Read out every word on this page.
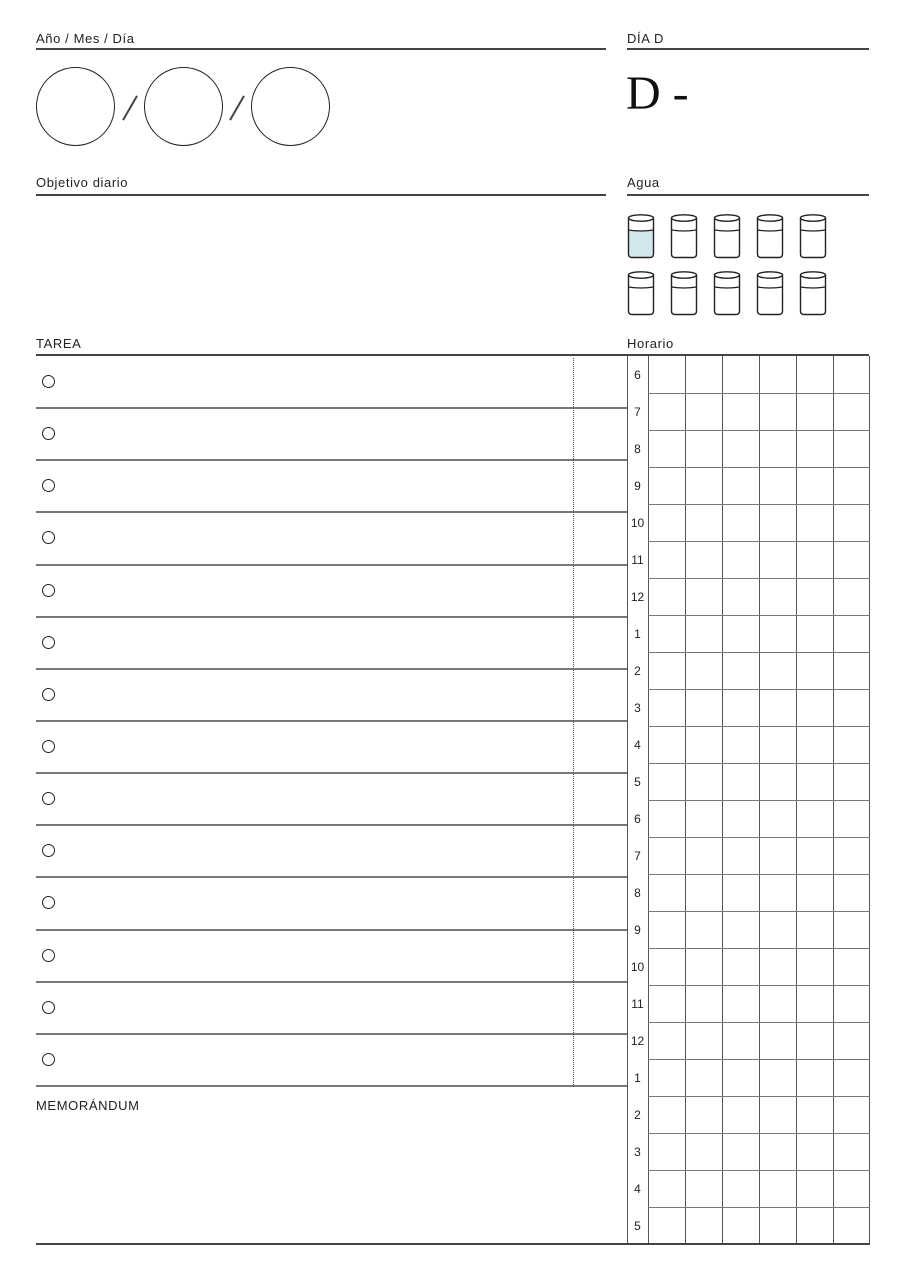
Año / Mes / Día	DÍA D
D -
Objetivo diario	Agua
TAREA	Horario
6
7
8
9
10
11
12
1
2
3
4
5
6
7
8
9
10
11
12
1
2
3
4
5
MEMORÁNDUM
